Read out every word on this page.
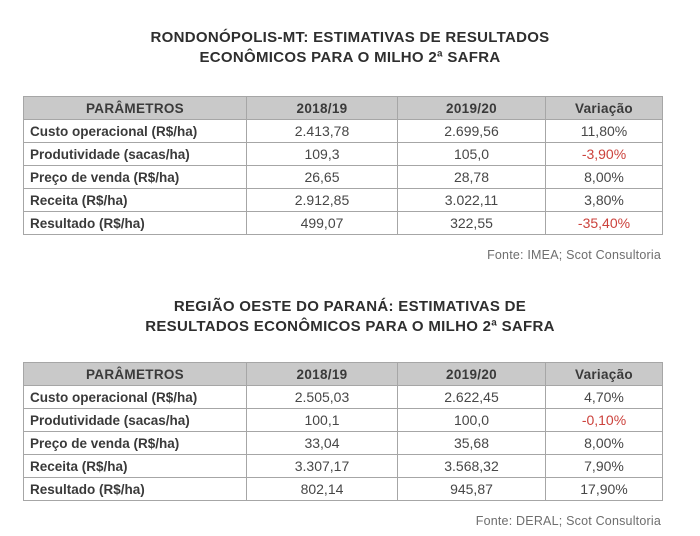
RONDONÓPOLIS-MT: ESTIMATIVAS DE RESULTADOS
ECONÔMICOS PARA O MILHO 2ª SAFRA
PARÂMETROS	2018/19	2019/20	Variação
Custo operacional (R$/ha)	2.413,78	2.699,56	11,80%
Produtividade (sacas/ha)	109,3	105,0	-3,90%
Preço de venda (R$/ha)	26,65	28,78	8,00%
Receita (R$/ha)	2.912,85	3.022,11	3,80%
Resultado (R$/ha)	499,07	322,55	-35,40%
Fonte: IMEA; Scot Consultoria
REGIÃO OESTE DO PARANÁ: ESTIMATIVAS DE
RESULTADOS ECONÔMICOS PARA O MILHO 2ª SAFRA
PARÂMETROS	2018/19	2019/20	Variação
Custo operacional (R$/ha)	2.505,03	2.622,45	4,70%
Produtividade (sacas/ha)	100,1	100,0	-0,10%
Preço de venda (R$/ha)	33,04	35,68	8,00%
Receita (R$/ha)	3.307,17	3.568,32	7,90%
Resultado (R$/ha)	802,14	945,87	17,90%
Fonte: DERAL; Scot Consultoria
